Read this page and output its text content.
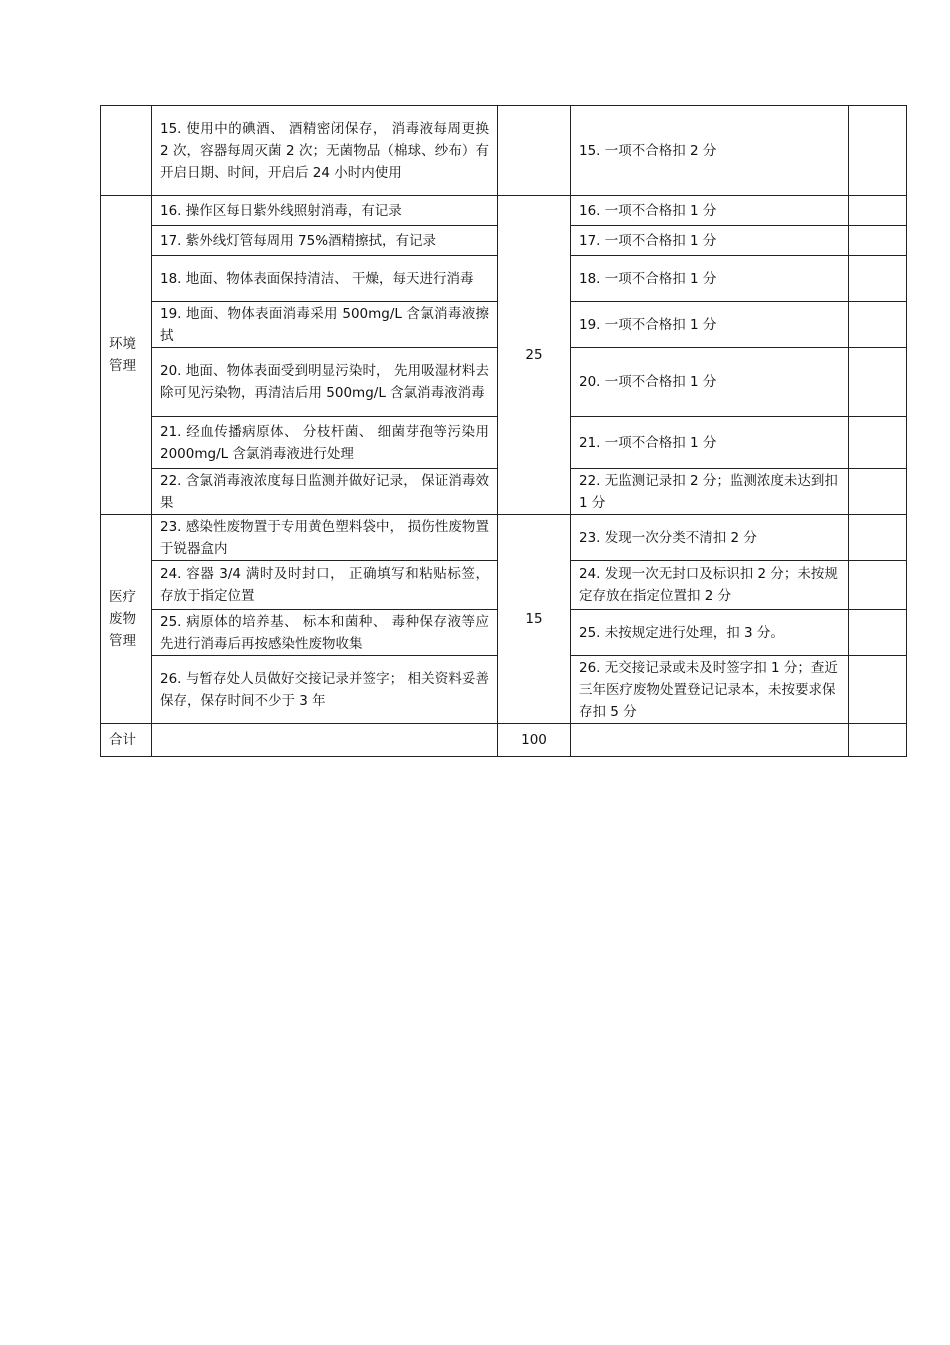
	15. 使用中的碘酒、 酒精密闭保存， 消毒液每周更换 2 次，容器每周灭菌 2 次；无菌物品（棉球、纱布）有开启日期、时间，开启后 24 小时内使用		15. 一项不合格扣 2 分	

环境管理	16. 操作区每日紫外线照射消毒，有记录	25	16. 一项不合格扣 1 分	
	17. 紫外线灯管每周用 75%酒精擦拭，有记录		17. 一项不合格扣 1 分	
	18. 地面、物体表面保持清洁、 干燥，每天进行消毒		18. 一项不合格扣 1 分	
	19. 地面、物体表面消毒采用 500mg/L 含氯消毒液擦拭		19. 一项不合格扣 1 分	
	20. 地面、物体表面受到明显污染时， 先用吸湿材料去除可见污染物，再清洁后用 500mg/L 含氯消毒液消毒		20. 一项不合格扣 1 分	
	21. 经血传播病原体、 分枝杆菌、 细菌芽孢等污染用 2000mg/L 含氯消毒液进行处理		21. 一项不合格扣 1 分	
	22. 含氯消毒液浓度每日监测并做好记录， 保证消毒效果		22. 无监测记录扣 2 分；监测浓度未达到扣 1 分	

医疗废物管理	23. 感染性废物置于专用黄色塑料袋中， 损伤性废物置于锐器盒内	15	23. 发现一次分类不清扣 2 分	
	24. 容器 3/4 满时及时封口， 正确填写和粘贴标签，存放于指定位置		24. 发现一次无封口及标识扣 2 分；未按规定存放在指定位置扣 2 分	
	25. 病原体的培养基、 标本和菌种、 毒种保存液等应先进行消毒后再按感染性废物收集		25. 未按规定进行处理，扣 3 分。	
	26. 与暂存处人员做好交接记录并签字； 相关资料妥善保存，保存时间不少于 3 年		26. 无交接记录或未及时签字扣 1 分；查近三年医疗废物处置登记记录本，未按要求保存扣 5 分	
合计		100		
